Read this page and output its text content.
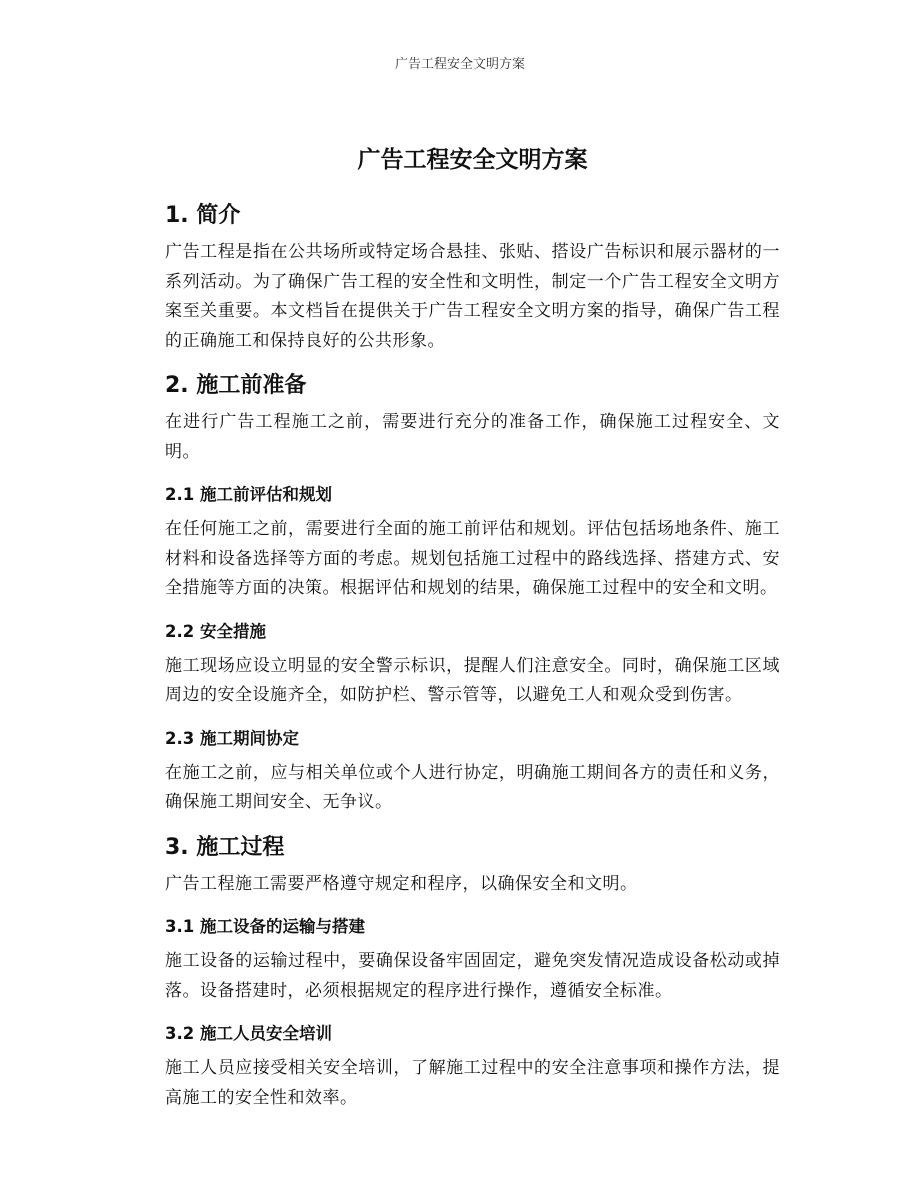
广告工程安全文明方案
广告工程安全文明方案
1. 简介

广告工程是指在公共场所或特定场合悬挂、张贴、搭设广告标识和展示器材的一系列活动。为了确保广告工程的安全性和文明性，制定一个广告工程安全文明方案至关重要。本文档旨在提供关于广告工程安全文明方案的指导，确保广告工程的正确施工和保持良好的公共形象。

2. 施工前准备

在进行广告工程施工之前，需要进行充分的准备工作，确保施工过程安全、文明。

2.1 施工前评估和规划

在任何施工之前，需要进行全面的施工前评估和规划。评估包括场地条件、施工材料和设备选择等方面的考虑。规划包括施工过程中的路线选择、搭建方式、安全措施等方面的决策。根据评估和规划的结果，确保施工过程中的安全和文明。

2.2 安全措施

施工现场应设立明显的安全警示标识，提醒人们注意安全。同时，确保施工区域周边的安全设施齐全，如防护栏、警示管等，以避免工人和观众受到伤害。

2.3 施工期间协定

在施工之前，应与相关单位或个人进行协定，明确施工期间各方的责任和义务，确保施工期间安全、无争议。

3. 施工过程

广告工程施工需要严格遵守规定和程序，以确保安全和文明。

3.1 施工设备的运输与搭建

施工设备的运输过程中，要确保设备牢固固定，避免突发情况造成设备松动或掉落。设备搭建时，必须根据规定的程序进行操作，遵循安全标准。

3.2 施工人员安全培训

施工人员应接受相关安全培训，了解施工过程中的安全注意事项和操作方法，提高施工的安全性和效率。
